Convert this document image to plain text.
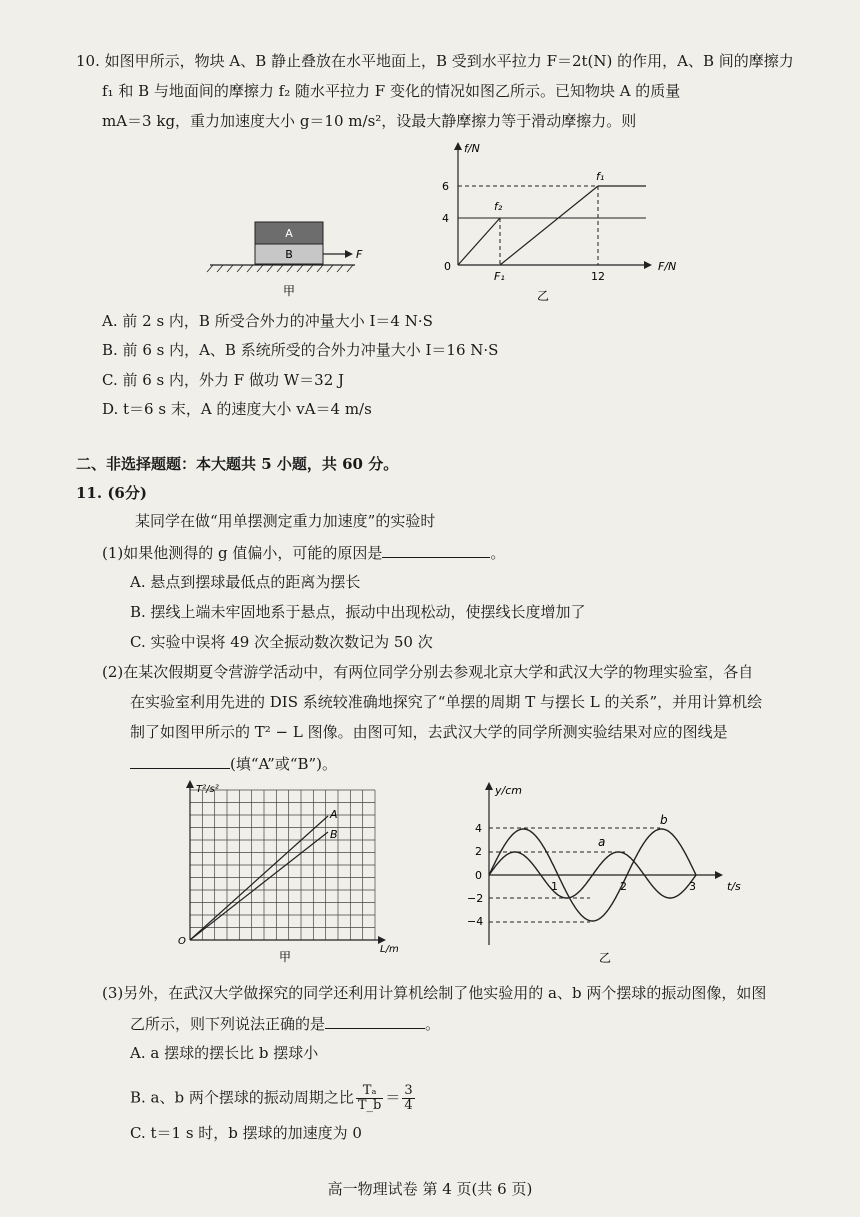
10. 如图甲所示，物块 A、B 静止叠放在水平地面上，B 受到水平拉力 F＝2t(N) 的作用，A、B 间的摩擦力
f₁ 和 B 与地面间的摩擦力 f₂ 随水平拉力 F 变化的情况如图乙所示。已知物块 A 的质量
mA＝3 kg，重力加速度大小 g＝10 m/s²，设最大静摩擦力等于滑动摩擦力。则
A
B	F
甲
f/N
F/N
0
6
4
f₂
f₁
F₁	12
乙
A. 前 2 s 内，B 所受合外力的冲量大小 I＝4 N·S
B. 前 6 s 内，A、B 系统所受的合外力冲量大小 I＝16 N·S
C. 前 6 s 内，外力 F 做功 W＝32 J
D. t＝6 s 末，A 的速度大小 vA＝4 m/s
二、非选择题题：本大题共 5 小题，共 60 分。
11. (6分)
某同学在做“用单摆测定重力加速度”的实验时
(1)如果他测得的 g 值偏小，可能的原因是	。
A. 悬点到摆球最低点的距离为摆长
B. 摆线上端未牢固地系于悬点，振动中出现松动，使摆线长度增加了
C. 实验中误将 49 次全振动数次数记为 50 次
(2)在某次假期夏令营游学活动中，有两位同学分别去参观北京大学和武汉大学的物理实验室，各自
在实验室利用先进的 DIS 系统较准确地探究了“单摆的周期 T 与摆长 L 的关系”，并用计算机绘
制了如图甲所示的 T² − L 图像。由图可知，去武汉大学的同学所测实验结果对应的图线是
(填“A”或“B”)。
T²/s²
L/m
O
A
B
甲
y/cm
t/s
0
4
2
−2
−4
b
a
1	2	3
乙
(3)另外，在武汉大学做探究的同学还利用计算机绘制了他实验用的 a、b 两个摆球的振动图像，如图
乙所示，则下列说法正确的是	。
A. a 摆球的摆长比 b 摆球小
B. a、b 两个摆球的振动周期之比 $\frac{\text{Tₐ}}{T\_b} = \frac{3}{4}$
C. t＝1 s 时，b 摆球的加速度为 0
高一物理试卷 第 4 页(共 6 页)
